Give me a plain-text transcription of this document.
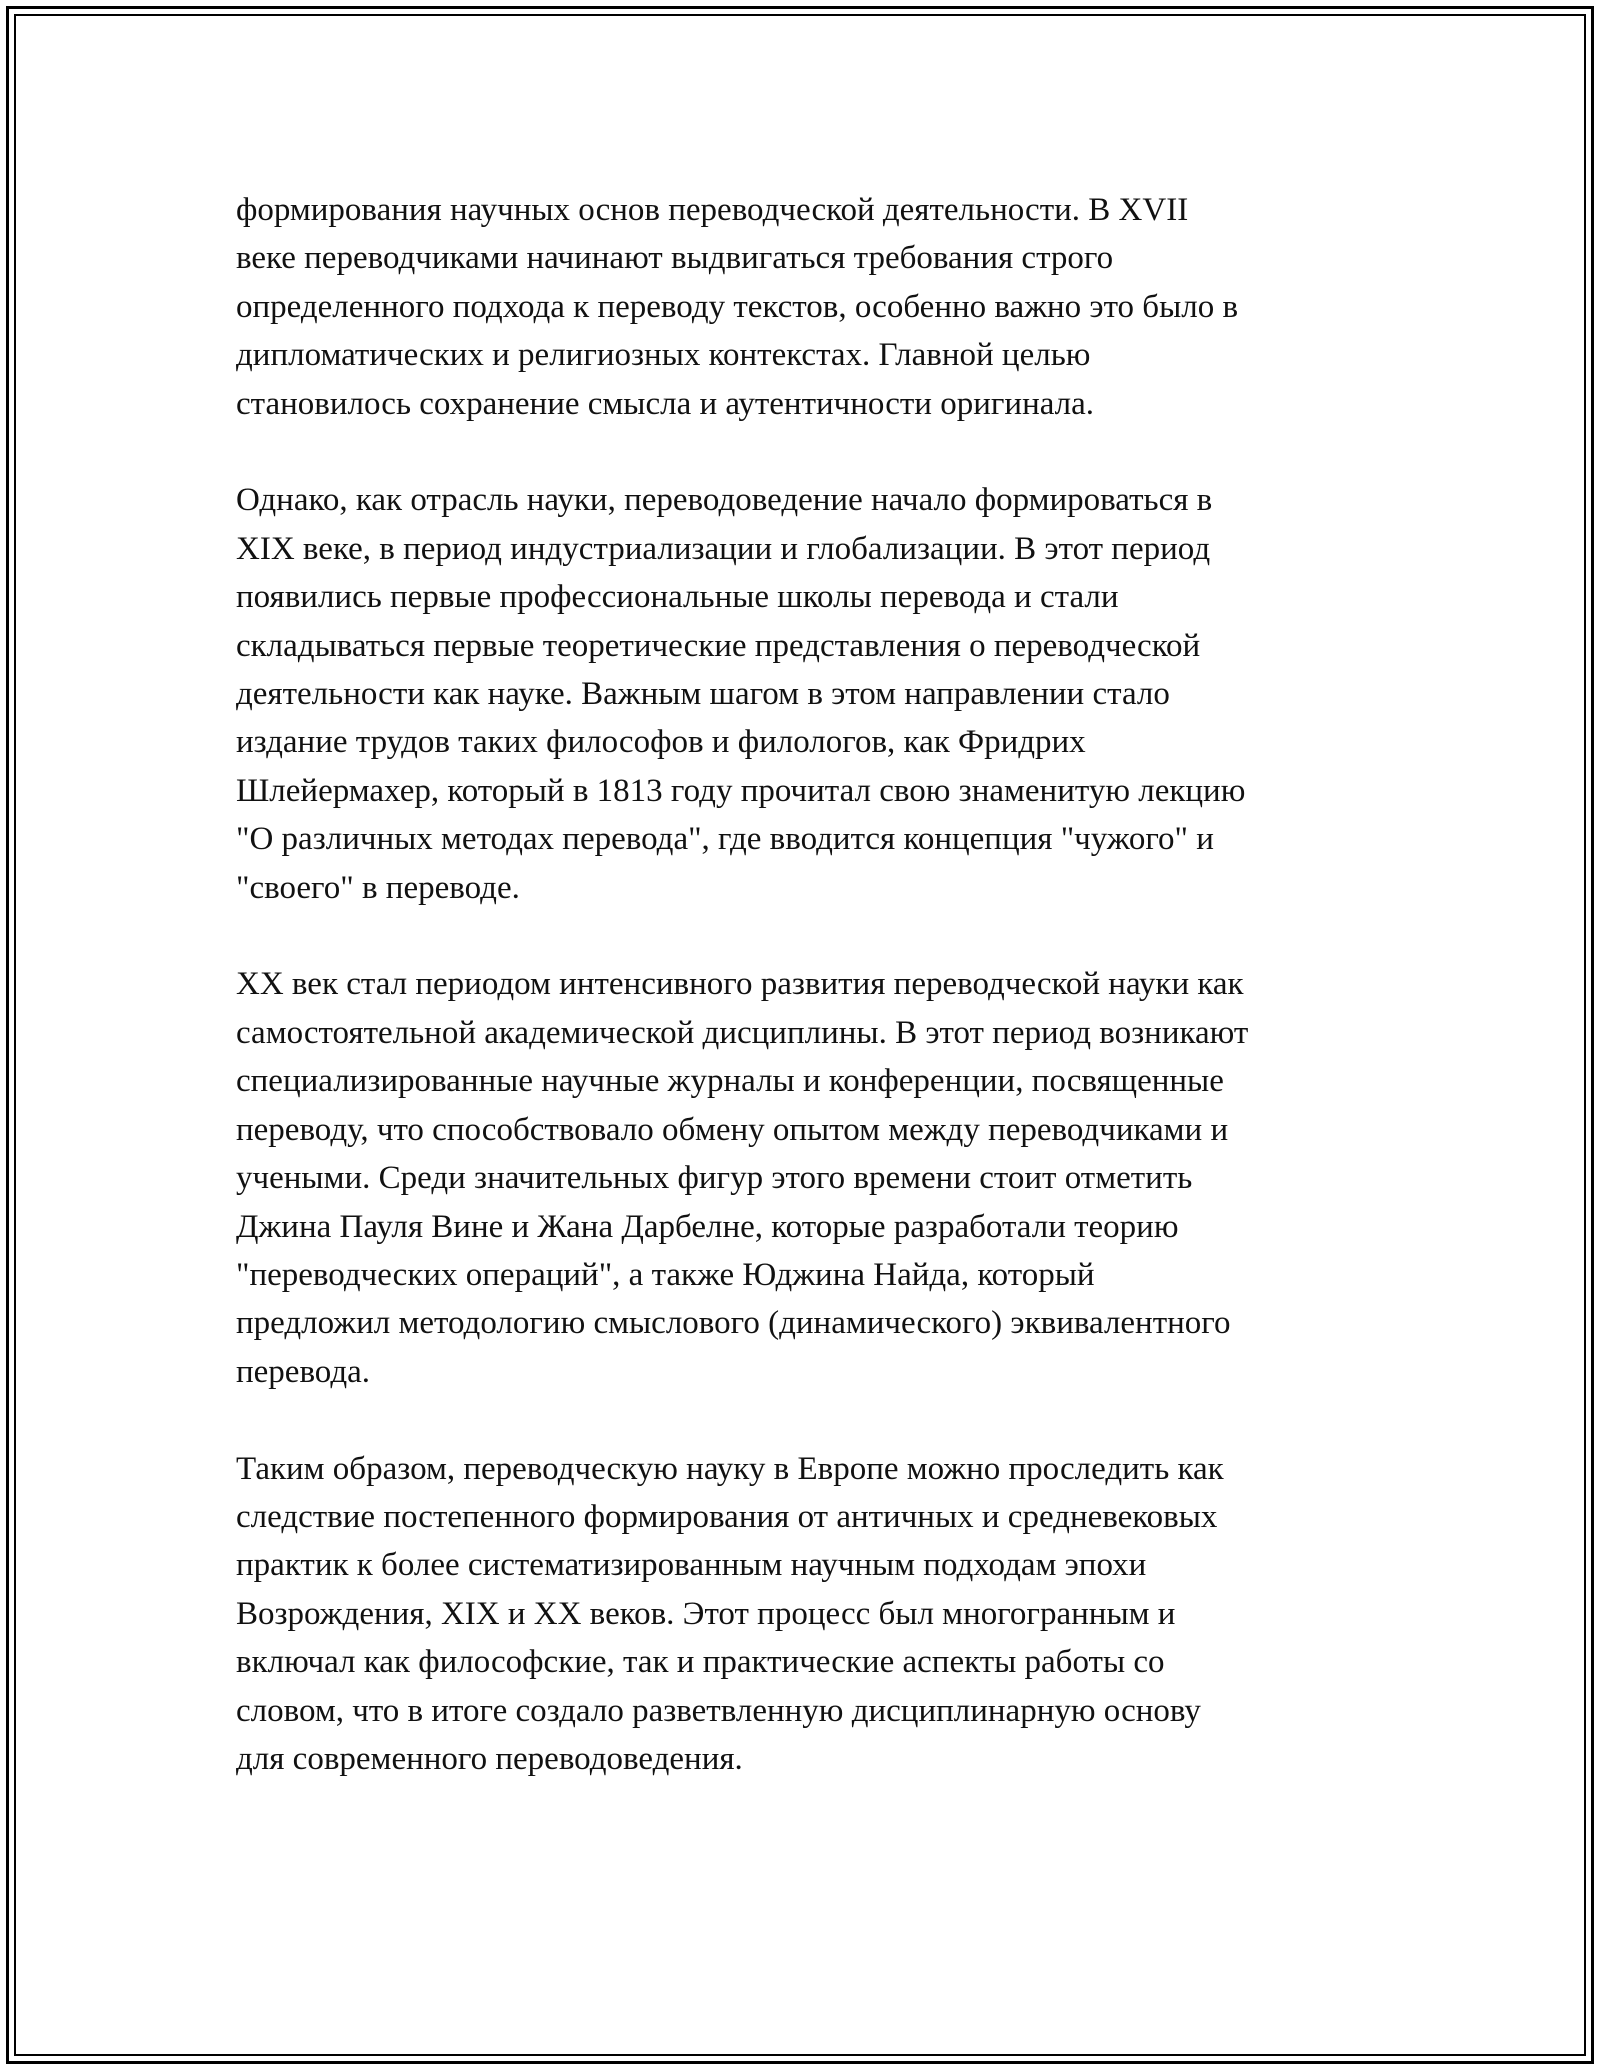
формирования научных основ переводческой деятельности. В XVII
веке переводчиками начинают выдвигаться требования строго
определенного подхода к переводу текстов, особенно важно это было в
дипломатических и религиозных контекстах. Главной целью
становилось сохранение смысла и аутентичности оригинала.

Однако, как отрасль науки, переводоведение начало формироваться в
XIX веке, в период индустриализации и глобализации. В этот период
появились первые профессиональные школы перевода и стали
складываться первые теоретические представления о переводческой
деятельности как науке. Важным шагом в этом направлении стало
издание трудов таких философов и филологов, как Фридрих
Шлейермахер, который в 1813 году прочитал свою знаменитую лекцию
"О различных методах перевода", где вводится концепция "чужого" и
"своего" в переводе.

XX век стал периодом интенсивного развития переводческой науки как
самостоятельной академической дисциплины. В этот период возникают
специализированные научные журналы и конференции, посвященные
переводу, что способствовало обмену опытом между переводчиками и
учеными. Среди значительных фигур этого времени стоит отметить
Джина Пауля Вине и Жана Дарбелне, которые разработали теорию
"переводческих операций", а также Юджина Найда, который
предложил методологию смыслового (динамического) эквивалентного
перевода.

Таким образом, переводческую науку в Европе можно проследить как
следствие постепенного формирования от античных и средневековых
практик к более систематизированным научным подходам эпохи
Возрождения, XIX и XX веков. Этот процесс был многогранным и
включал как философские, так и практические аспекты работы со
словом, что в итоге создало разветвленную дисциплинарную основу
для современного переводоведения.
